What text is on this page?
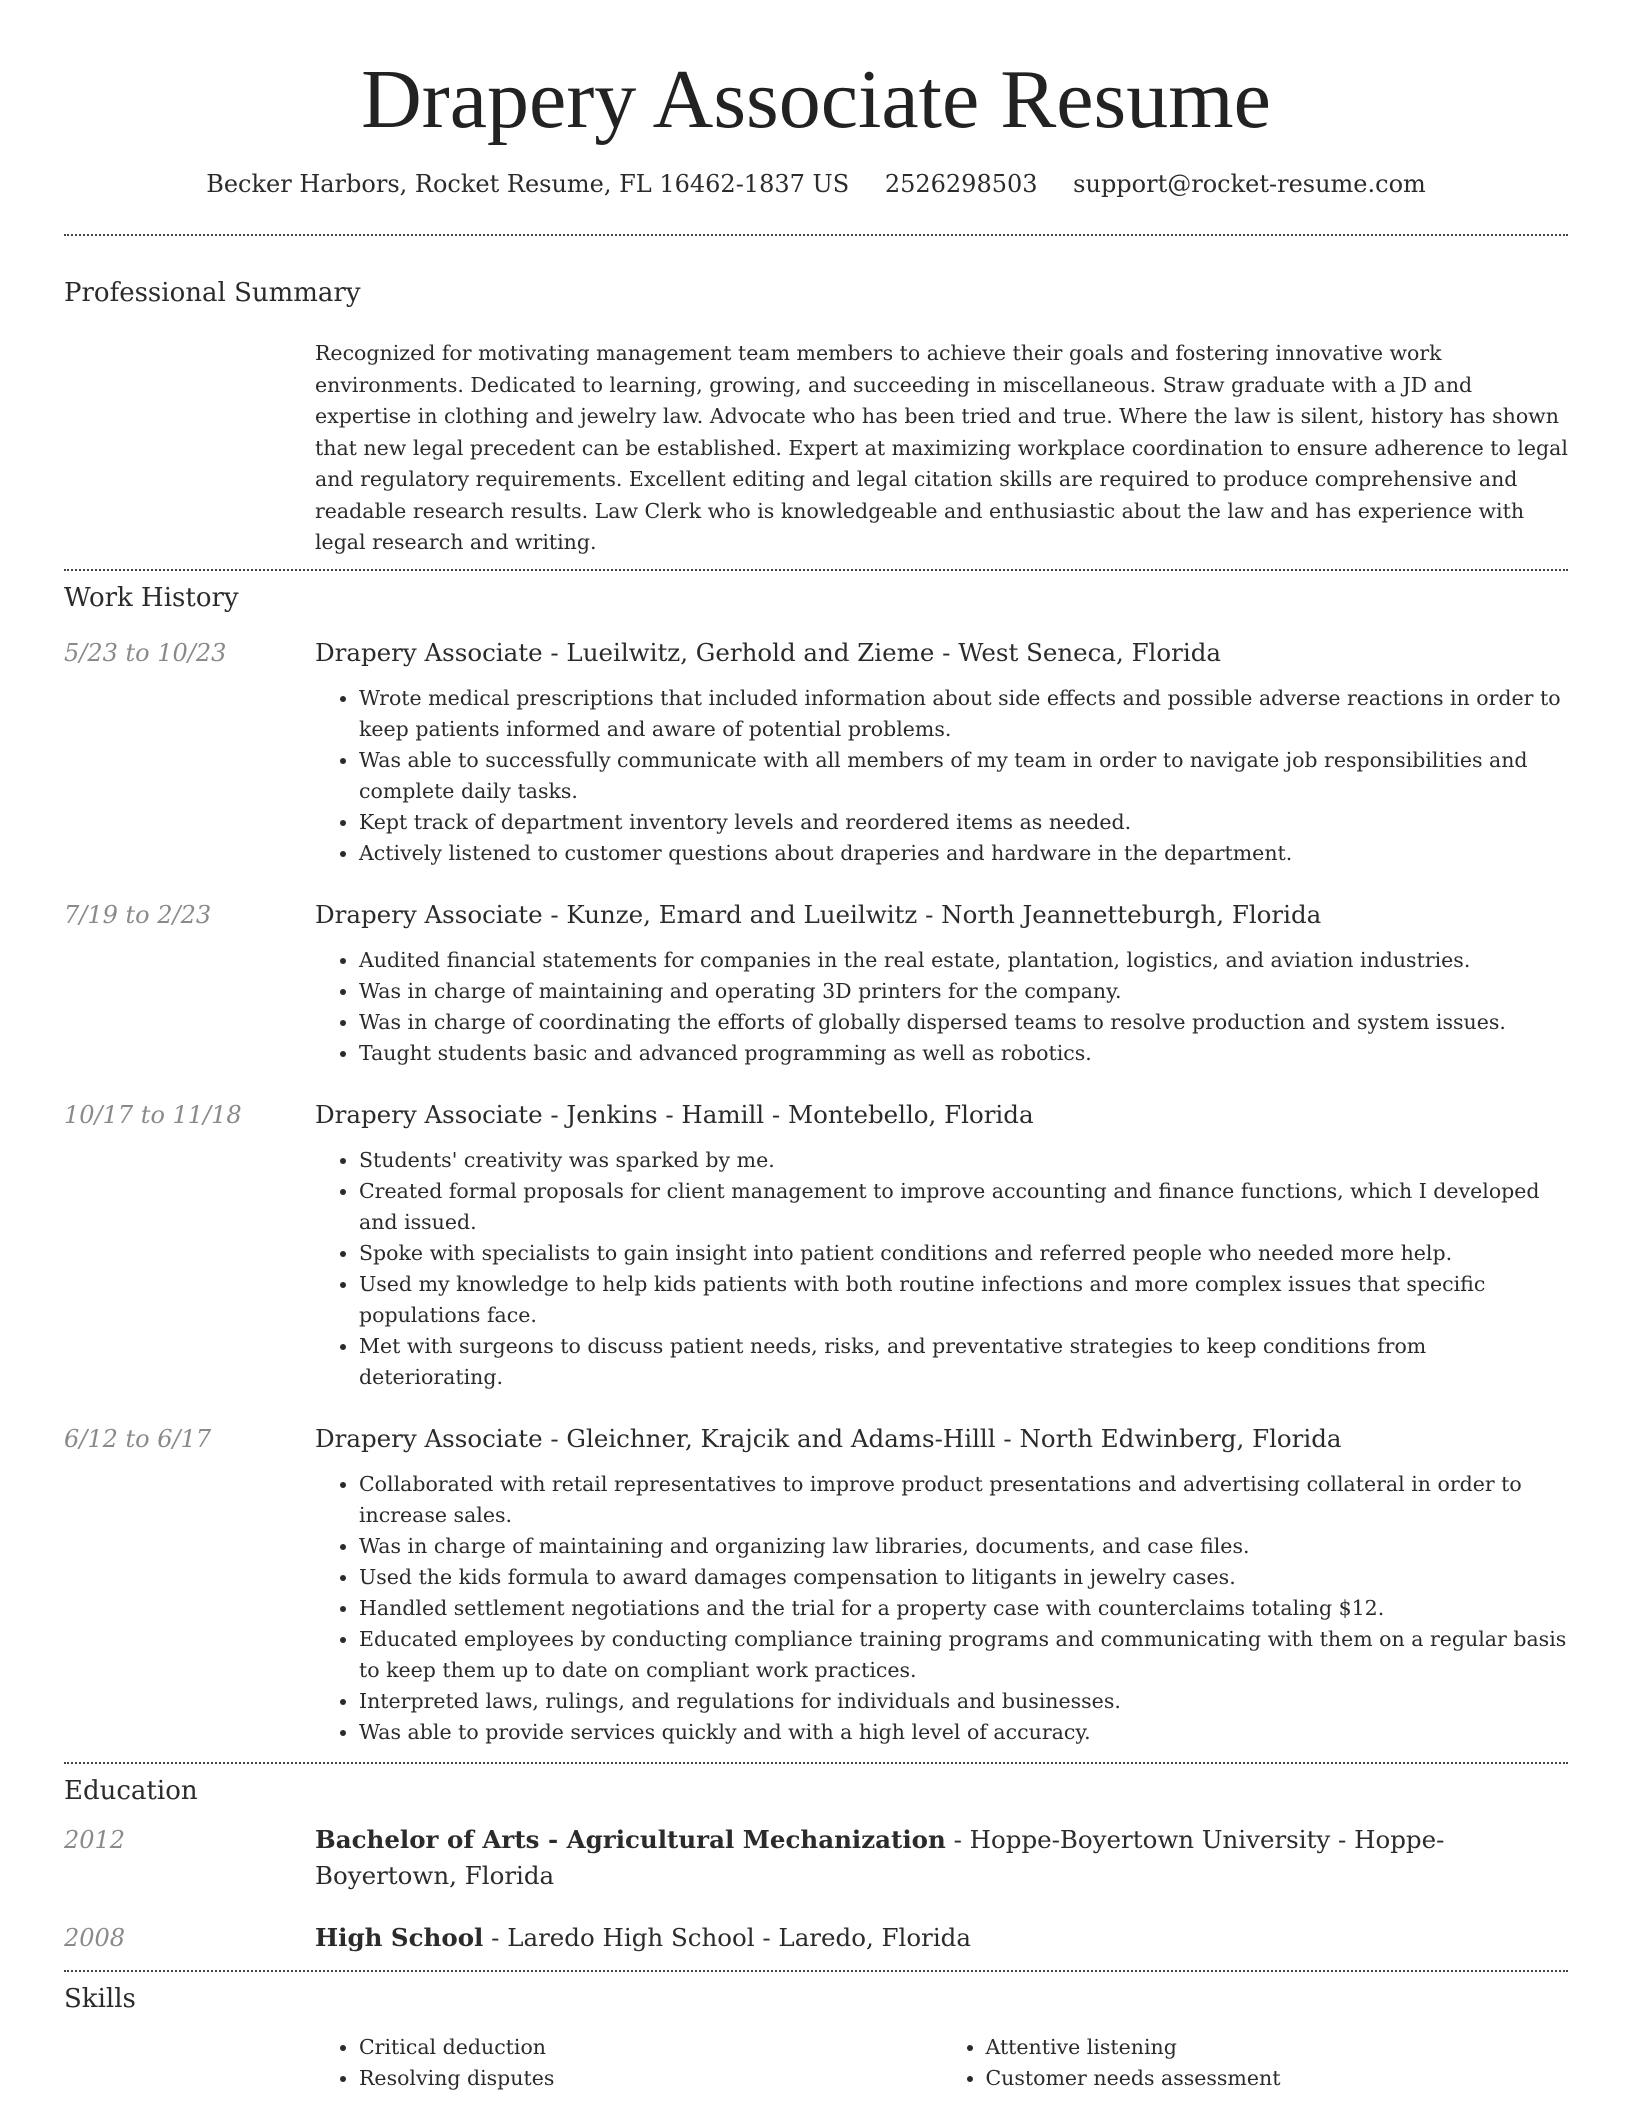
Drapery Associate Resume
Becker Harbors, Rocket Resume, FL 16462-1837 US 2526298503 support@rocket-resume.com
Professional Summary
Recognized for motivating management team members to achieve their goals and fostering innovative work environments. Dedicated to learning, growing, and succeeding in miscellaneous. Straw graduate with a JD and expertise in clothing and jewelry law. Advocate who has been tried and true. Where the law is silent, history has shown that new legal precedent can be established. Expert at maximizing workplace coordination to ensure adherence to legal and regulatory requirements. Excellent editing and legal citation skills are required to produce comprehensive and readable research results. Law Clerk who is knowledgeable and enthusiastic about the law and has experience with legal research and writing.
Work History
5/23 to 10/23	Drapery Associate - Lueilwitz, Gerhold and Zieme - West Seneca, Florida
• Wrote medical prescriptions that included information about side effects and possible adverse reactions in order to keep patients informed and aware of potential problems.
• Was able to successfully communicate with all members of my team in order to navigate job responsibilities and complete daily tasks.
• Kept track of department inventory levels and reordered items as needed.
• Actively listened to customer questions about draperies and hardware in the department.
7/19 to 2/23	Drapery Associate - Kunze, Emard and Lueilwitz - North Jeannetteburgh, Florida
• Audited financial statements for companies in the real estate, plantation, logistics, and aviation industries.
• Was in charge of maintaining and operating 3D printers for the company.
• Was in charge of coordinating the efforts of globally dispersed teams to resolve production and system issues.
• Taught students basic and advanced programming as well as robotics.
10/17 to 11/18	Drapery Associate - Jenkins - Hamill - Montebello, Florida
• Students' creativity was sparked by me.
• Created formal proposals for client management to improve accounting and finance functions, which I developed and issued.
• Spoke with specialists to gain insight into patient conditions and referred people who needed more help.
• Used my knowledge to help kids patients with both routine infections and more complex issues that specific populations face.
• Met with surgeons to discuss patient needs, risks, and preventative strategies to keep conditions from deteriorating.
6/12 to 6/17	Drapery Associate - Gleichner, Krajcik and Adams-Hilll - North Edwinberg, Florida
• Collaborated with retail representatives to improve product presentations and advertising collateral in order to increase sales.
• Was in charge of maintaining and organizing law libraries, documents, and case files.
• Used the kids formula to award damages compensation to litigants in jewelry cases.
• Handled settlement negotiations and the trial for a property case with counterclaims totaling $12.
• Educated employees by conducting compliance training programs and communicating with them on a regular basis to keep them up to date on compliant work practices.
• Interpreted laws, rulings, and regulations for individuals and businesses.
• Was able to provide services quickly and with a high level of accuracy.
Education
2012	Bachelor of Arts - Agricultural Mechanization - Hoppe-Boyertown University - Hoppe-Boyertown, Florida
2008	High School - Laredo High School - Laredo, Florida
Skills
• Critical deduction
• Resolving disputes
• Attentive listening
• Customer needs assessment
